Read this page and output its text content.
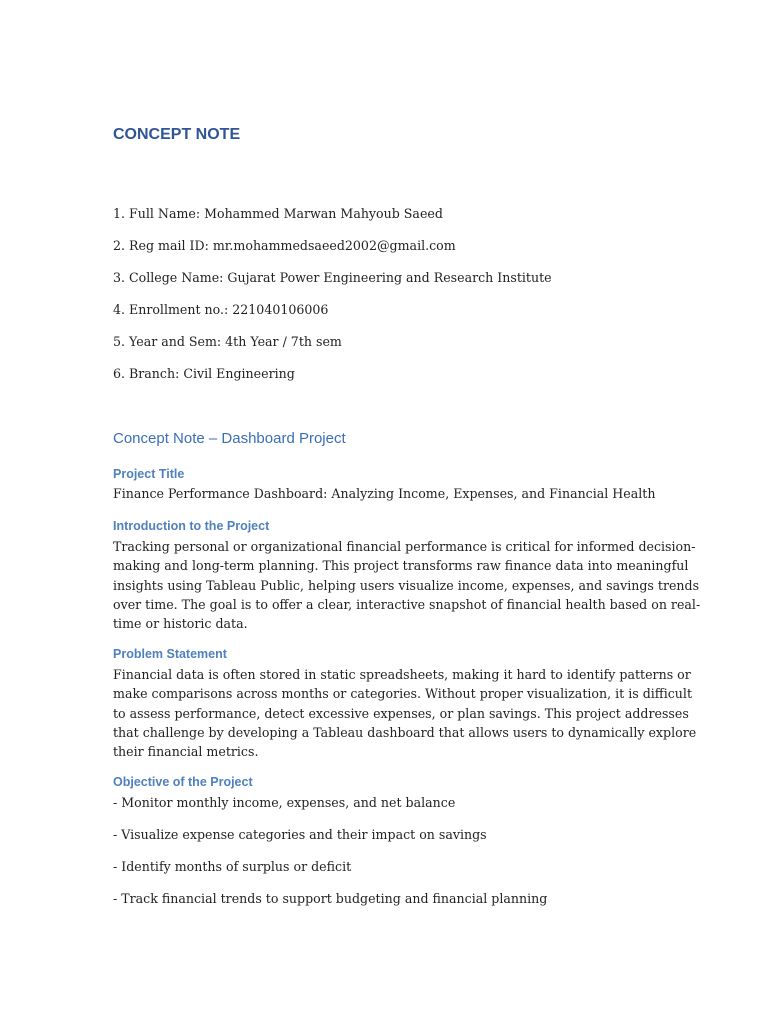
CONCEPT NOTE
1. Full Name: Mohammed Marwan Mahyoub Saeed
2. Reg mail ID: mr.mohammedsaeed2002@gmail.com
3. College Name: Gujarat Power Engineering and Research Institute
4. Enrollment no.: 221040106006
5. Year and Sem: 4th Year / 7th sem
6. Branch: Civil Engineering
Concept Note – Dashboard Project
Project Title
Finance Performance Dashboard: Analyzing Income, Expenses, and Financial Health
Introduction to the Project
Tracking personal or organizational financial performance is critical for informed decision-
making and long-term planning. This project transforms raw finance data into meaningful
insights using Tableau Public, helping users visualize income, expenses, and savings trends
over time. The goal is to offer a clear, interactive snapshot of financial health based on real-
time or historic data.
Problem Statement
Financial data is often stored in static spreadsheets, making it hard to identify patterns or
make comparisons across months or categories. Without proper visualization, it is difficult
to assess performance, detect excessive expenses, or plan savings. This project addresses
that challenge by developing a Tableau dashboard that allows users to dynamically explore
their financial metrics.
Objective of the Project
- Monitor monthly income, expenses, and net balance
- Visualize expense categories and their impact on savings
- Identify months of surplus or deficit
- Track financial trends to support budgeting and financial planning
